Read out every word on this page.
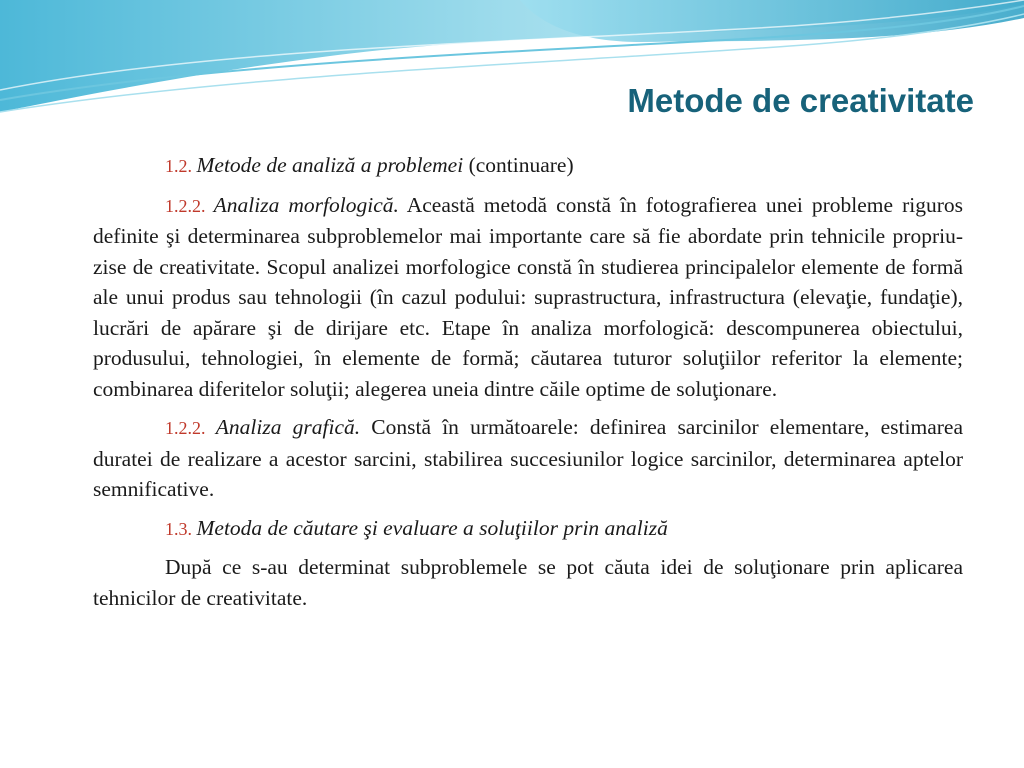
Metode de creativitate

1.2. Metode de analiză a problemei (continuare)

1.2.2. Analiza morfologică. Această metodă constă în fotografierea unei probleme riguros definite şi determinarea subproblemelor mai importante care să fie abordate prin tehnicile propriu-zise de creativitate. Scopul analizei morfologice constă în studierea principalelor elemente de formă ale unui produs sau tehnologii (în cazul podului: suprastructura, infrastructura (elevaţie, fundaţie), lucrări de apărare şi de dirijare etc. Etape în analiza morfologică: descompunerea obiectului, produsului, tehnologiei, în elemente de formă; căutarea tuturor soluţiilor referitor la elemente; combinarea diferitelor soluţii; alegerea uneia dintre căile optime de soluţionare.

1.2.2. Analiza grafică. Constă în următoarele: definirea sarcinilor elementare, estimarea duratei de realizare a acestor sarcini, stabilirea succesiunilor logice sarcinilor, determinarea aptelor semnificative.

1.3. Metoda de căutare şi evaluare a soluţiilor prin analiză

După ce s-au determinat subproblemele se pot căuta idei de soluţionare prin aplicarea tehnicilor de creativitate.
